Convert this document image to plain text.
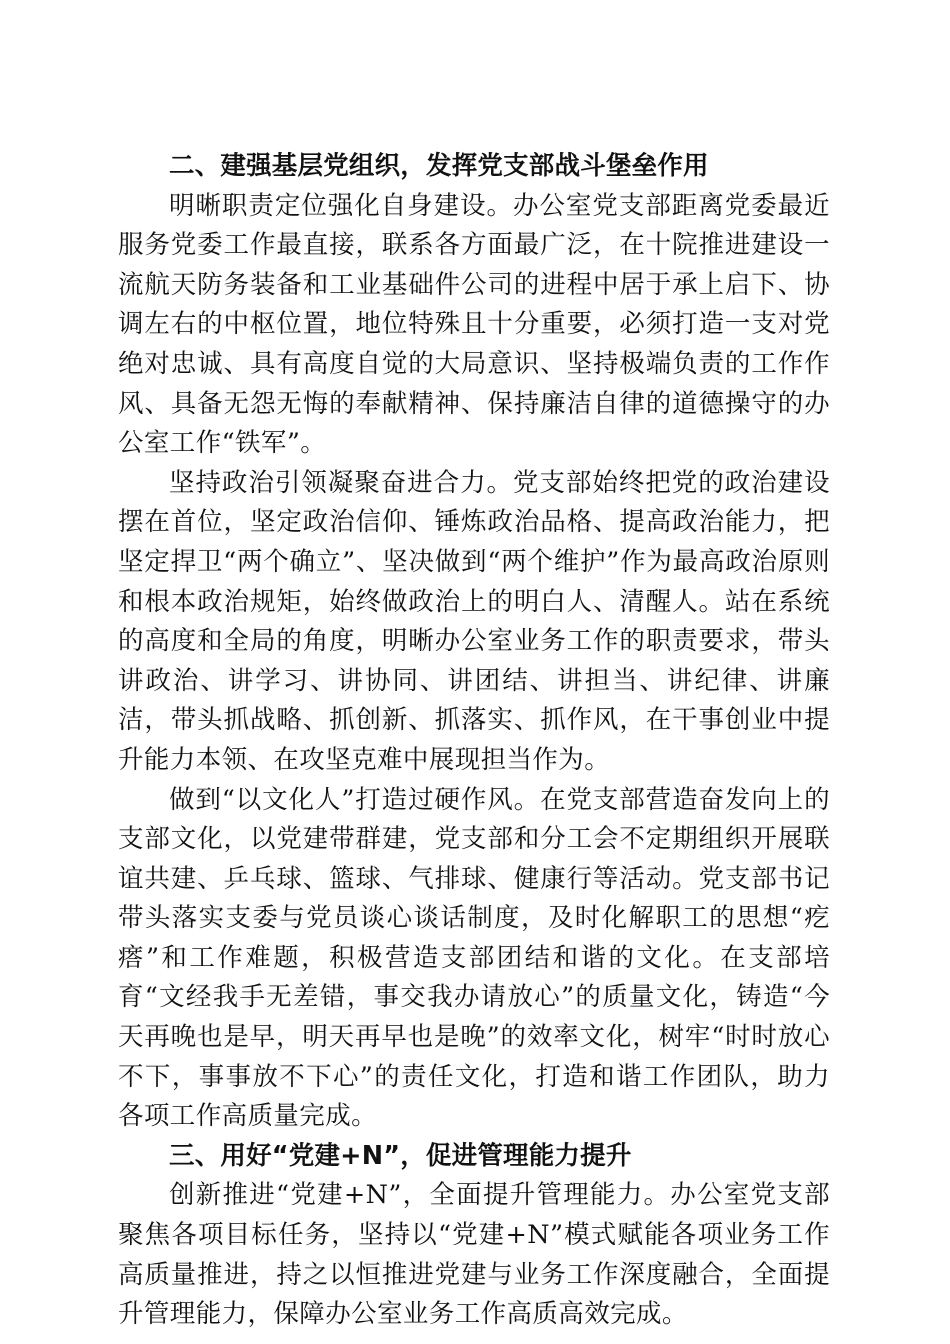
二、建强基层党组织，发挥党支部战斗堡垒作用

明晰职责定位强化自身建设。办公室党支部距离党委最近服务党委工作最直接，联系各方面最广泛，在十院推进建设一流航天防务装备和工业基础件公司的进程中居于承上启下、协调左右的中枢位置，地位特殊且十分重要，必须打造一支对党绝对忠诚、具有高度自觉的大局意识、坚持极端负责的工作作风、具备无怨无悔的奉献精神、保持廉洁自律的道德操守的办公室工作“铁军”。

坚持政治引领凝聚奋进合力。党支部始终把党的政治建设摆在首位，坚定政治信仰、锤炼政治品格、提高政治能力，把坚定捍卫“两个确立”、坚决做到“两个维护”作为最高政治原则和根本政治规矩，始终做政治上的明白人、清醒人。站在系统的高度和全局的角度，明晰办公室业务工作的职责要求，带头讲政治、讲学习、讲协同、讲团结、讲担当、讲纪律、讲廉洁，带头抓战略、抓创新、抓落实、抓作风，在干事创业中提升能力本领、在攻坚克难中展现担当作为。

做到“以文化人”打造过硬作风。在党支部营造奋发向上的支部文化，以党建带群建，党支部和分工会不定期组织开展联谊共建、乒乓球、篮球、气排球、健康行等活动。党支部书记带头落实支委与党员谈心谈话制度，及时化解职工的思想“疙瘩”和工作难题，积极营造支部团结和谐的文化。在支部培育“文经我手无差错，事交我办请放心”的质量文化，铸造“今天再晚也是早，明天再早也是晚”的效率文化，树牢“时时放心不下，事事放不下心”的责任文化，打造和谐工作团队，助力各项工作高质量完成。

三、用好“党建+N”，促进管理能力提升

创新推进“党建+N”，全面提升管理能力。办公室党支部聚焦各项目标任务，坚持以“党建+N”模式赋能各项业务工作高质量推进，持之以恒推进党建与业务工作深度融合，全面提升管理能力，保障办公室业务工作高质高效完成。
